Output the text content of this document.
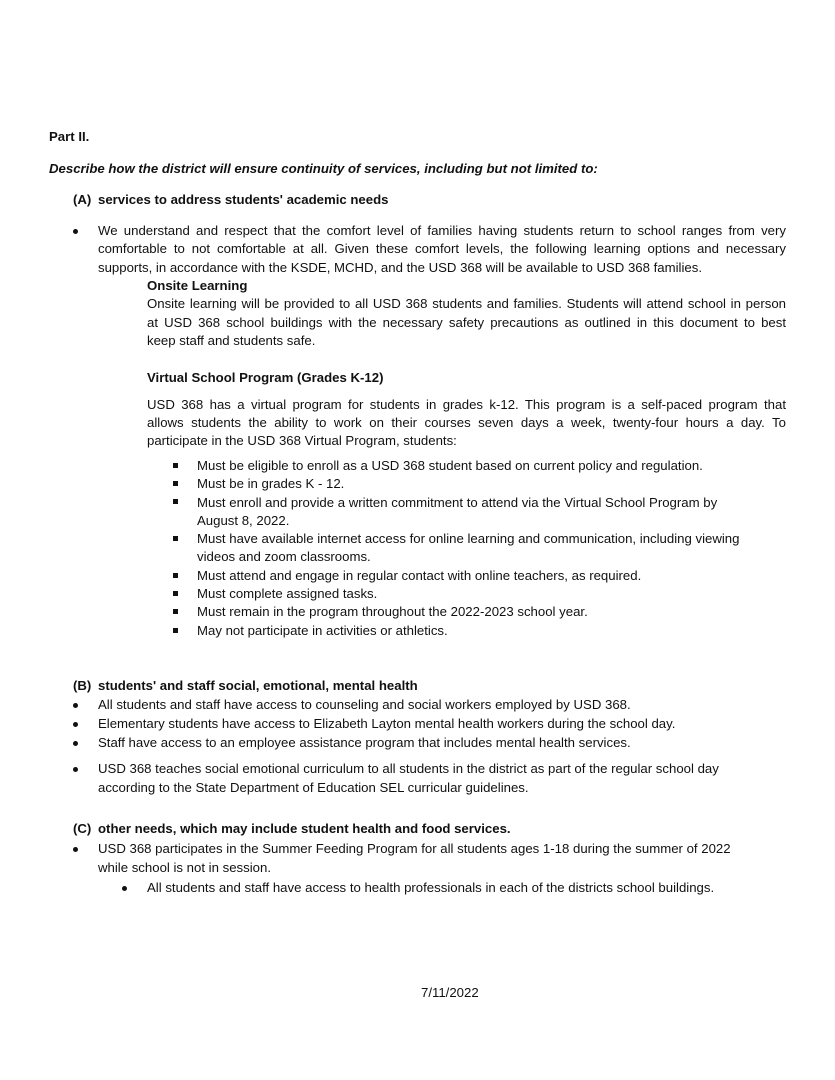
Part II.
Describe how the district will ensure continuity of services, including but not limited to:
(A) services to address students' academic needs
We understand and respect that the comfort level of families having students return to school ranges from very
comfortable to not comfortable at all. Given these comfort levels, the following learning options and necessary
supports, in accordance with the KSDE, MCHD, and the USD 368 will be available to USD 368 families.
Onsite Learning
Onsite learning will be provided to all USD 368 students and families. Students will attend school in person
at USD 368 school buildings with the necessary safety precautions as outlined in this document to best
keep staff and students safe.
Virtual School Program (Grades K-12)
USD 368 has a virtual program for students in grades k-12. This program is a self-paced program that
allows students the ability to work on their courses seven days a week, twenty-four hours a day. To
participate in the USD 368 Virtual Program, students:
Must be eligible to enroll as a USD 368 student based on current policy and regulation.
Must be in grades K - 12.
Must enroll and provide a written commitment to attend via the Virtual School Program by
August 8, 2022.
Must have available internet access for online learning and communication, including viewing
videos and zoom classrooms.
Must attend and engage in regular contact with online teachers, as required.
Must complete assigned tasks.
Must remain in the program throughout the 2022-2023 school year.
May not participate in activities or athletics.
(B) students' and staff social, emotional, mental health
All students and staff have access to counseling and social workers employed by USD 368.
Elementary students have access to Elizabeth Layton mental health workers during the school day.
Staff have access to an employee assistance program that includes mental health services.
USD 368 teaches social emotional curriculum to all students in the district as part of the regular school day
according to the State Department of Education SEL curricular guidelines.
(C) other needs, which may include student health and food services.
USD 368 participates in the Summer Feeding Program for all students ages 1-18 during the summer of 2022
while school is not in session.
All students and staff have access to health professionals in each of the districts school buildings.
7/11/2022
